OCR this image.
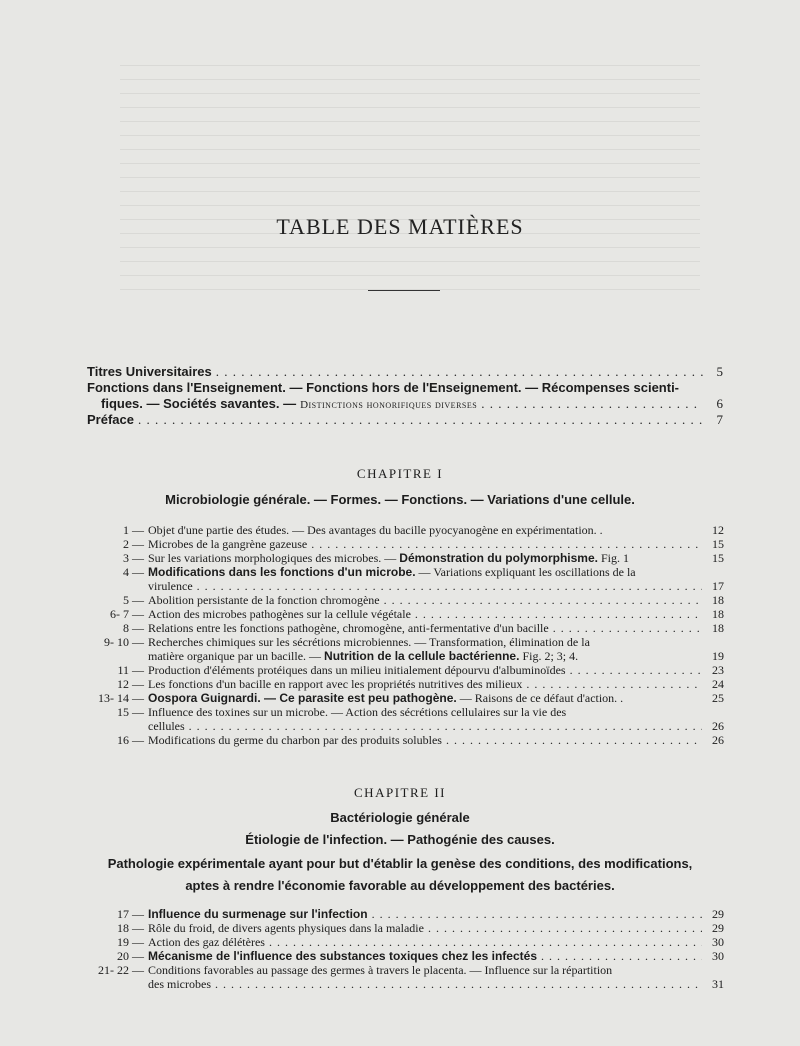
TABLE DES MATIÈRES
Titres Universitaires . . .	5
Fonctions dans l'Enseignement. — Fonctions hors de l'Enseignement. — Récompenses scienti-
fiques. — Sociétés savantes. — Distinctions honorifiques diverses . . .	6
Préface . . .	7
CHAPITRE I
Microbiologie générale. — Formes. — Fonctions. — Variations d'une cellule.
1 — Objet d'une partie des études. — Des avantages du bacille pyocyanogène en expérimentation. .	12
2 — Microbes de la gangrène gazeuse . . .	15
3 — Sur les variations morphologiques des microbes. — Démonstration du polymorphisme. Fig. 1	15
4 — Modifications dans les fonctions d'un microbe. — Variations expliquant les oscillations de la
virulence . . .	17
5 — Abolition persistante de la fonction chromogène . . .	18
6- 7 — Action des microbes pathogènes sur la cellule végétale . . .	18
8 — Relations entre les fonctions pathogène, chromogène, anti-fermentative d'un bacille . . .	18
9- 10 — Recherches chimiques sur les sécrétions microbiennes. — Transformation, élimination de la
matière organique par un bacille. — Nutrition de la cellule bactérienne. Fig. 2; 3; 4.	19
11 — Production d'éléments protéiques dans un milieu initialement dépourvu d'albuminoïdes . . .	23
12 — Les fonctions d'un bacille en rapport avec les propriétés nutritives des milieux . . .	24
13- 14 — Oospora Guignardi. — Ce parasite est peu pathogène. — Raisons de ce défaut d'action. .	25
15 — Influence des toxines sur un microbe. — Action des sécrétions cellulaires sur la vie des
cellules . . .	26
16 — Modifications du germe du charbon par des produits solubles . . .	26
CHAPITRE II
Bactériologie générale
Étiologie de l'infection. — Pathogénie des causes.
Pathologie expérimentale ayant pour but d'établir la genèse des conditions, des modifications,
aptes à rendre l'économie favorable au développement des bactéries.
17 — Influence du surmenage sur l'infection . . .	29
18 — Rôle du froid, de divers agents physiques dans la maladie . . .	29
19 — Action des gaz délétères . . .	30
20 — Mécanisme de l'influence des substances toxiques chez les infectés . . .	30
21- 22 — Conditions favorables au passage des germes à travers le placenta. — Influence sur la répartition
des microbes . . .	31
